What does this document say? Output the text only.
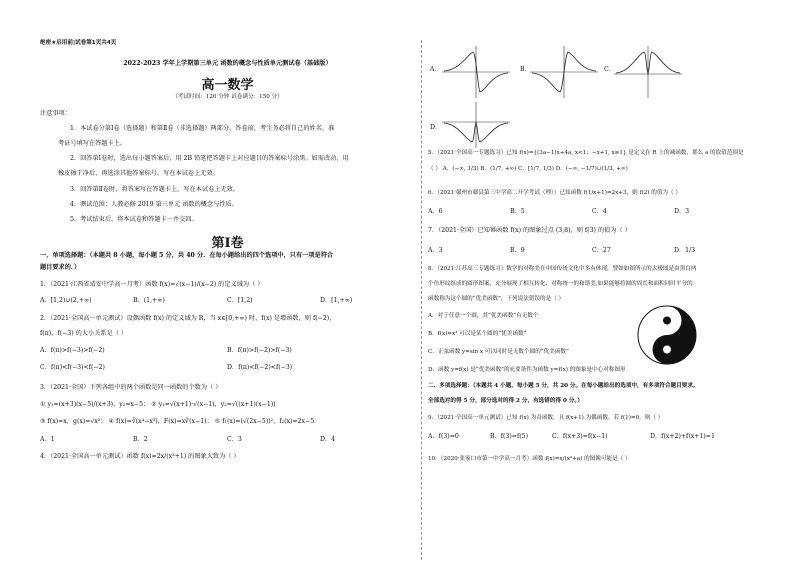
绝密★启用前|试卷第1页共4页
2022-2023 学年上学期第三单元 函数的概念与性质单元测试卷（基础版）
高一数学
（考试时间：120 分钟 试卷满分：150 分）
注意事项：
1．本试卷分第Ⅰ卷（选择题）和第Ⅱ卷（非选择题）两部分。答卷前，考生务必将自己的姓名、准
考证号填写在答题卡上。
2．回答第Ⅰ卷时，选出每小题答案后，用 2B 铅笔把答题卡上对应题目的答案标号涂黑。如需改动，用
橡皮擦干净后，再选涂其他答案标号。写在本试卷上无效。
3．回答第Ⅱ卷时，将答案写在答题卡上。写在本试卷上无效。
4．测试范围：人教必修 2019 第三单元 函数的概念与性质。
5．考试结束后，将本试卷和答题卡一并交回。
第Ⅰ卷
一、单项选择题：（本题共 8 小题，每小题 5 分，共 40 分．在每小题给出的四个选项中，只有一项是符合
题目要求的．）
1．（2021·江西省靖安中学高一月考）函数 f(x)=√(x−1)/(x−2) 的定义域为（ ）
A．[1,2)∪(2,+∞)	B．(1,+∞)	C．[1,2)	D．[1,+∞)
2．（2021·全国高一单元测试）设偶函数 f(x) 的定义域为 R，当 x∈[0,+∞) 时，f(x) 是增函数，则 f(−2)，
f(π)，f(−3) 的大小关系是（ ）
A．f(π)>f(−3)>f(−2)	B．f(π)>f(−2)>f(−3)
C．f(π)<f(−3)<f(−2)	D．f(π)<f(−2)<f(−3)
3．（2021·全国）下列各组中的两个函数是同一函数的个数为（ ）
① y₁=(x+3)(x−5)/(x+3)，y₂=x−5； ② y₁=√(x+1)·√(x−1)，y₂=√((x+1)(x−1))
③ f(x)=x，g(x)=√x²； ④ f(x)=∛(x⁴−x³)，F(x)=x∛(x−1)； ⑤ f₁(x)=(√(2x−5))²，f₂(x)=2x−5．
A．1	B．2	C．3	D．4
4．（2021·全国高一单元测试）函数 f(x)=2x/(x²+1) 的图象大致为（ ）
A．	B．	C．
D．
5．（2021·全国高一专题练习）已知 f(x)={(3a−1)x+4a, x<1；−x+1, x≥1} 是定义在 R 上的减函数，那么 a 的取值范围是
（ ） A．(−∞, 1/3) B．(1/7, +∞) C．[1/7, 1/3) D．(−∞, −1/7)∪(1/3, +∞)
6．（2021·赣州市赣县第三中学高二开学考试（理））已知函数 f(1/x+1)=2x+3，则 f(2) 的值为（ ）
A．6	B．5	C．4	D．3
7．（2021·全国）已知幂函数 f(x) 的图象过点 (3,8)，则 f(3) 的值为（ ）
A．3	B．9	C．27	D．1/3
8．（2021·江苏高三专题练习）数学的对称美在中国传统文化中多有体现，譬如如图所示的太极图是由黑白两
个鱼形纹组成的圆形图案，充分展现了相互转化、对称统一的和谐美.如果能够将圆的周长和面积同时平分的
函数称为这个圆的“优美函数”，下列说法错误的是（ ）
A．对于任意一个圆，其“优美函数”有无数个
B．f(x)=x³ 可以是某个圆的“优美函数”
C．正弦函数 y=sin x 可以同时是无数个圆的“优美函数”
D．函数 y=f(x) 是“优美函数”的充要条件为函数 y=f(x) 的图象是中心对称图形
二、多项选择题：（本题共 4 小题，每小题 5 分，共 20 分。在每小题给出的选项中，有多项符合题目要求。
全部选对的得 5 分，部分选对的得 2 分，有选错的得 0 分。）
9．（2021·全国高一单元测试）已知 f(x) 为奇函数，且 f(x+1) 为偶函数，若 f(1)=0，则（ ）
A．f(3)=0	B．f(3)=f(5)	C．f(x+3)=f(x−1)	D．f(x+2)+f(x+1)=1
10．（2020·张家口市第一中学高一月考）函数 f(x)=x/(x²+a) 的图像可能是（ ）
